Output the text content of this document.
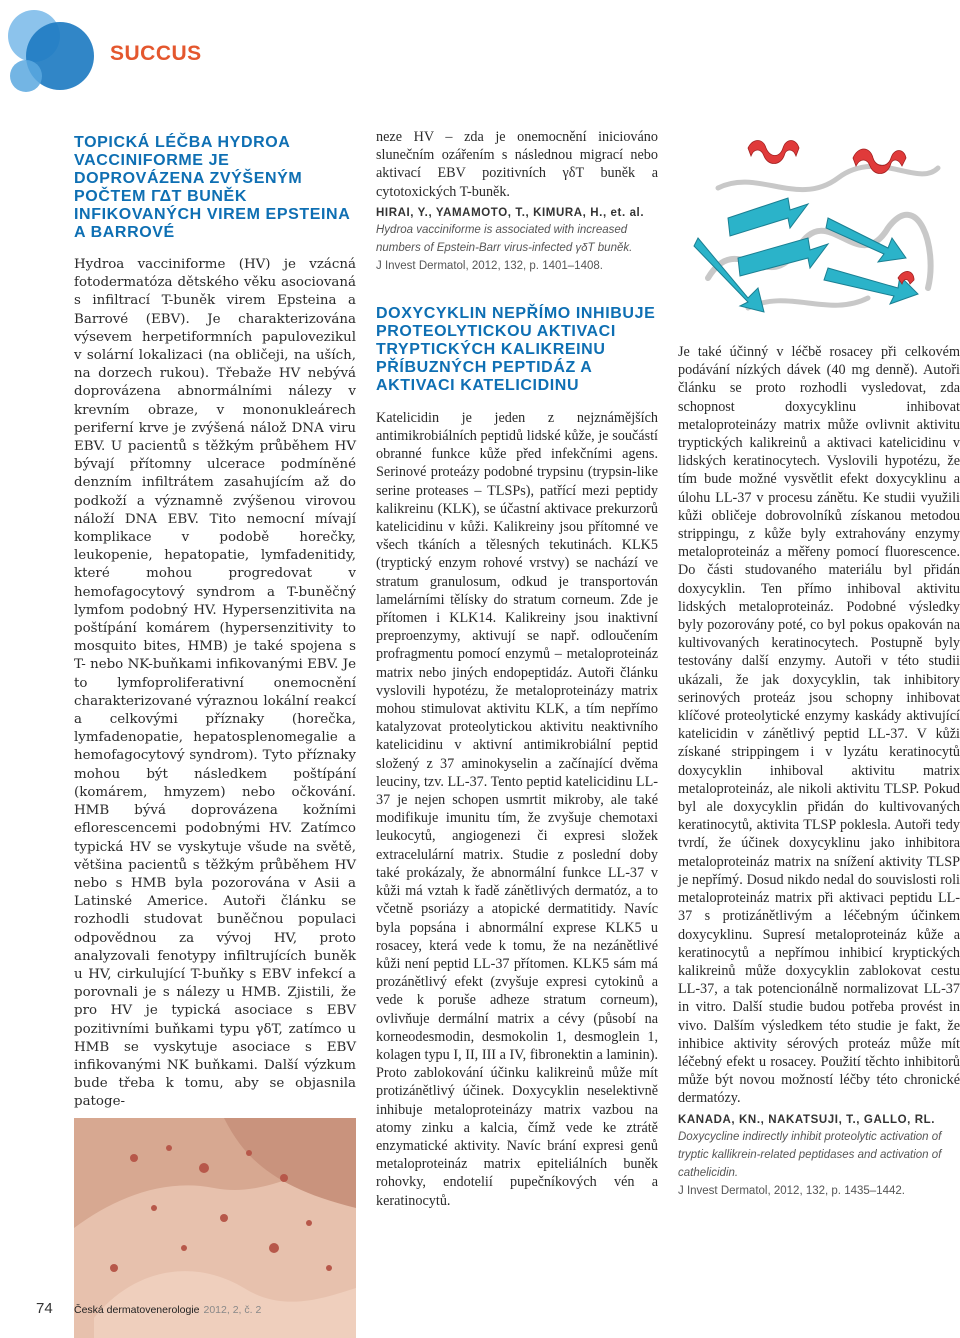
SUCCUS
TOPICKÁ LÉČBA HYDROA VACCINIFORME JE DOPROVÁZENA ZVÝŠENÝM POČTEM ΓΔT BUNĚK INFIKOVANÝCH VIREM EPSTEINA A BARROVÉ

Hydroa vacciniforme (HV) je vzácná fotodermatóza dětského věku asociovaná s infiltrací T-buněk virem Epsteina a Barrové (EBV). Je charakterizována výsevem herpetiformních papulovezikul v solární lokalizaci (na obličeji, na uších, na dorzech rukou). Třebaže HV nebývá doprovázena abnormálními nálezy v krevním obraze, v mononukleárech periferní krve je zvýšená nálož DNA viru EBV. U pacientů s těžkým průběhem HV bývají přítomny ulcerace podmíněné denzním infiltrátem zasahujícím až do podkoží a významně zvýšenou virovou náloží DNA EBV. Tito nemocní mívají komplikace v podobě horečky, leukopenie, hepatopatie, lymfadenitidy, které mohou progredovat v hemofagocytový syndrom a T-buněčný lymfom podobný HV. Hypersenzitivita na poštípání komárem (hypersenzitivity to mosquito bites, HMB) je také spojena s T- nebo NK-buňkami infikovanými EBV. Je to lymfoproliferativní onemocnění charakterizované výraznou lokální reakcí a celkovými příznaky (horečka, lymfadenopatie, hepatosplenomegalie a hemofagocytový syndrom). Tyto příznaky mohou být následkem poštípání (komárem, hmyzem) nebo očkování. HMB bývá doprovázena kožními eflorescencemi podobnými HV. Zatímco typická HV se vyskytuje všude na světě, většina pacientů s těžkým průběhem HV nebo s HMB byla pozorována v Asii a Latinské Americe. Autoři článku se rozhodli studovat buněčnou populaci odpovědnou za vývoj HV, proto analyzovali fenotypy infiltrujících buněk u HV, cirkulující T-buňky s EBV infekcí a porovnali je s nálezy u HMB. Zjistili, že pro HV je typická asociace s EBV pozitivními buňkami typu γδT, zatímco u HMB se vyskytuje asociace s EBV infikovanými NK buňkami. Další výzkum bude třeba k tomu, aby se objasnila patoge-

neze HV – zda je onemocnění iniciováno slunečním ozářením s následnou migrací nebo aktivací EBV pozitivních γδT buněk a cytotoxických T-buněk.

HIRAI, Y., YAMAMOTO, T., KIMURA, H., et. al.
Hydroa vacciniforme is associated with increased numbers of Epstein-Barr virus-infected γδT buněk.
J Invest Dermatol, 2012, 132, p. 1401–1408.
DOXYCYKLIN NEPŘÍMO INHIBUJE PROTEOLYTICKOU AKTIVACI TRYPTICKÝCH KALIKREINU PŘÍBUZNÝCH PEPTIDÁZ A AKTIVACI KATELICIDINU

Katelicidin je jeden z nejznámějších antimikrobiálních peptidů lidské kůže, je součástí obranné funkce kůže před infekčními agens. Serinové proteázy podobné trypsinu (trypsin-like serine proteases – TLSPs), patřící mezi peptidy kalikreinu (KLK), se účastní aktivace prekurzorů katelicidinu v kůži. Kalikreiny jsou přítomné ve všech tkáních a tělesných tekutinách. KLK5 (tryptický enzym rohové vrstvy) se nachází ve stratum granulosum, odkud je transportován lamelárními tělísky do stratum corneum. Zde je přítomen i KLK14. Kalikreiny jsou inaktivní preproenzymy, aktivují se např. odloučením profragmentu pomocí enzymů – metaloproteináz matrix nebo jiných endopeptidáz. Autoři článku vyslovili hypotézu, že metaloproteinázy matrix mohou stimulovat aktivitu KLK, a tím nepřímo katalyzovat proteolytickou aktivitu neaktivního katelicidinu v aktivní antimikrobiální peptid složený z 37 aminokyselin a začínající dvěma leuciny, tzv. LL-37. Tento peptid katelicidinu LL-37 je nejen schopen usmrtit mikroby, ale také modifikuje imunitu tím, že zvyšuje chemotaxi leukocytů, angiogenezi či expresi složek extracelulární matrix. Studie z poslední doby také prokázaly, že abnormální funkce LL-37 v kůži má vztah k řadě zánětlivých dermatóz, a to včetně psoriázy a atopické dermatitidy. Navíc byla popsána i abnormální exprese KLK5 u rosacey, která vede k tomu, že na nezánětlivé kůži není peptid LL-37 přítomen. KLK5 sám má prozánětlivý efekt (zvyšuje expresi cytokinů a vede k poruše adhezе stratum corneum), ovlivňuje dermální matrix a cévy (působí na korneodesmodin, desmokolin 1, desmoglein 1, kolagen typu I, II, III a IV, fibronektin a laminin). Proto zablokování účinku kalikreinů může mít protizánětlivý účinek. Doxycyklin neselektivně inhibuje metaloproteinázy matrix vazbou na atomy zinku a kalcia, čímž vede ke ztrátě enzymatické aktivity. Navíc brání expresi genů metaloproteináz matrix epiteliálních buněk rohovky, endotelií pupečníkových vén a keratinocytů.

Je také účinný v léčbě rosacey při celkovém podávání nízkých dávek (40 mg denně). Autoři článku se proto rozhodli vysledovat, zda schopnost doxycyklinu inhibovat metaloproteinázy matrix může ovlivnit aktivitu tryptických kalikreinů a aktivaci katelicidinu v lidských keratinocytech. Vyslovili hypotézu, že tím bude možné vysvětlit efekt doxycyklinu a úlohu LL-37 v procesu zánětu. Ke studii využili kůži obličeje dobrovolníků získanou metodou strippingu, z kůže byly extrahovány enzymy metaloproteináz a měřeny pomocí fluorescence. Do části studovaného materiálu byl přidán doxycyklin. Ten přímo inhiboval aktivitu lidských metaloproteináz. Podobné výsledky byly pozorovány poté, co byl pokus opakován na kultivovaných keratinocytech. Postupně byly testovány další enzymy. Autoři v této studii ukázali, že jak doxycyklin, tak inhibitory serinových proteáz jsou schopny inhibovat klíčové proteolytické enzymy kaskády aktivující katelicidin v zánětlivý peptid LL-37. V kůži získané strippingem i v lyzátu keratinocytů doxycyklin inhiboval aktivitu matrix metaloproteináz, ale nikoli aktivitu TLSP. Pokud byl ale doxycyklin přidán do kultivovaných keratinocytů, aktivita TLSP poklesla. Autoři tedy tvrdí, že účinek doxycyklinu jako inhibitora metaloproteináz matrix na snížení aktivity TLSP je nepřímý. Dosud nikdo nedal do souvislosti roli metaloproteináz matrix při aktivaci peptidu LL-37 s protizánětlivým a léčebným účinkem doxycyklinu. Supresí metaloproteináz kůže a keratinocytů a nepřímou inhibicí kryptických kalikreinů může doxycyklin zablokovat cestu LL-37, a tak potencionálně normalizovat LL-37 in vitro. Další studie budou potřeba provést in vivo. Dalším výsledkem této studie je fakt, že inhibice aktivity sérových proteáz může mít léčebný efekt u rosacey. Použití těchto inhibitorů může být novou možností léčby této chronické dermatózy.

KANADA, KN., NAKATSUJI, T., GALLO, RL.
Doxycycline indirectly inhibit proteolytic activation of tryptic kallikrein-related peptidases and activation of cathelicidin.
J Invest Dermatol, 2012, 132, p. 1435–1442.
74 Česká dermatovenerologie 2012, 2, č. 2
